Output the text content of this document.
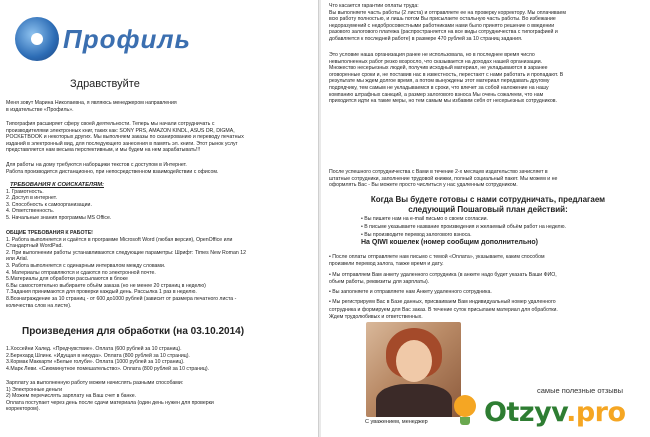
Профиль
Здравствуйте
Меня зовут Марина Николаевна, я являюсь менеджером направления
в издательстве «Профиль».
Типография расширяет сферу своей деятельности. Теперь мы начали сотрудничать с
производителями электронных книг, таких как: SONY PRS, AMAZON KINDL, ASUS DR, DIGMA,
POCKETBOOK и некоторых других. Мы выполняем заказы по сканированию и переводу печатных
изданий в электронный вид, для последующего занесения в память эл. книги. Этот рынок услуг
представляется нам весьма перспективным, и мы будем на нем зарабатывать!!!
Для работы на дому требуются наборщики текстов с доступом в Интернет.
Работа производится дистанционно, при непосредственном взаимодействии с офисом.
ТРЕБОВАНИЯ К СОИСКАТЕЛЯМ:
1. Грамотность.
2. Доступ в интернет.
3. Способность к самоорганизации.
4. Ответственность.
5. Начальные знания программы MS Office.
ОБЩИЕ ТРЕБОВАНИЯ К РАБОТЕ!
1. Работа выполняется и сдаётся в программе Microsoft Word (любая версия), OpenOffice или
Стандартный WordPad.
2. При выполнении работы устанавливаются следующие параметры: Шрифт: Times New Roman 12
или Arial.
3. Работа выполняется с одинарным интервалом между словами.
4. Материалы отправляются и сдаются по электронной почте.
5.Материалы для обработки рассылаются в блоке
6.Вы самостоятельно выбираете объём заказа (но не менее 20 страниц в неделю)
7.Задания принимаются для проверки каждый день. Рассылка 1 раз в неделю.
8.Вознаграждение за 10 страниц - от 600 до1000 рублей (зависит от размера печатного листа -
количества слов на листе).
Произведения для обработки (на 03.10.2014)
1.Хоссейни Халед. «Предчувствие». Оплата (600 рублей за 10 страниц).
2.Бернхард Шлинк. «Идущая в никуда». Оплата (800 рублей за 10 страниц).
3.Кормак Маккарти «Белые голуби». Оплата (1000 рублей за 10 страниц).
4.Марк Леви. «Сиюминутное помешательство». Оплата (800 рублей за 10 страниц).
Зарплату за выполненную работу можем начислять разными способами:
1) Электронные деньги
2) Можем перечислять зарплату на Ваш счет в банке.
Оплата поступает через день после сдачи материала (один день нужен для проверки
корректором).
Что касается гарантии оплаты труда:
Вы выполняете часть работы (2 листа) и отправляете ее на проверку корректору. Мы оплачиваем
всю работу полностью, и лишь потом Вы присылаете остальную часть работы. Во избежание
недоразумений с недобросовестными работниками нами было принято решение о введении
разового залогового платежа (распространяется на все виды сотрудничества с типографией и
добавляется к последней работе) в размере 470 рублей за 10 страниц задания.
Это условие наша организация ранее не использовала, но в последнее время число
невыполненных работ резко возросло, что сказывается на доходах нашей организации.
Множество несерьезных людей, получив исходный материал, не укладываются в заранее
оговоренные сроки и, не поставив нас в известность, перестают с нами работать и пропадают. В
результате мы ждем долгое время, а потом вынуждены этот материал передавать другому
подрядчику, тем самым не укладываемся в сроки, что влечет за собой наложение на нашу
компанию штрафных санкций, а размер залогового взноса Мы очень сожалеем, что нам
приходится идти на такие меры, но тем самым мы избавим себя от несерьезных сотрудников.
После успешного сотрудничества с Вами в течение 2-х месяцев издательство зачисляет в
штатные сотрудники, заполнение трудовой книжки, полный социальный пакет. Мы можем и не
оформлять Вас - Вы можете просто числиться у нас удаленным сотрудником.
Когда Вы будете готовы с нами сотрудничать, предлагаем следующий Пошаговый план действий:
• Вы пишете нам на e-mail письмо о своем согласии.
• В письме указываете название произведения и желаемый объём работ на неделю.
• Вы производите перевод залогового взноса.
На QIWI кошелек (номер сообщим дополнительно)
• После оплаты отправляете нам письмо с темой «Оплата», указываете, каким способом
произвели перевод залога, также время и дату.
• Мы отправляем Вам анкету удаленного сотрудника (в анкете надо будет указать Ваши ФИО,
объем работы, реквизиты для зарплаты).
• Вы заполняете и отправляете нам Анкету удаленного сотрудника.
• Мы регистрируем Вас в Базе данных, присваиваем Вам индивидуальный номер удаленного
сотрудника и формируем для Вас заказ. В течение суток присылаем материал для обработки.
Ждем трудолюбивых и ответственных.
С уважением, менеджер
самые полезные отзывы
Otzyv.pro
